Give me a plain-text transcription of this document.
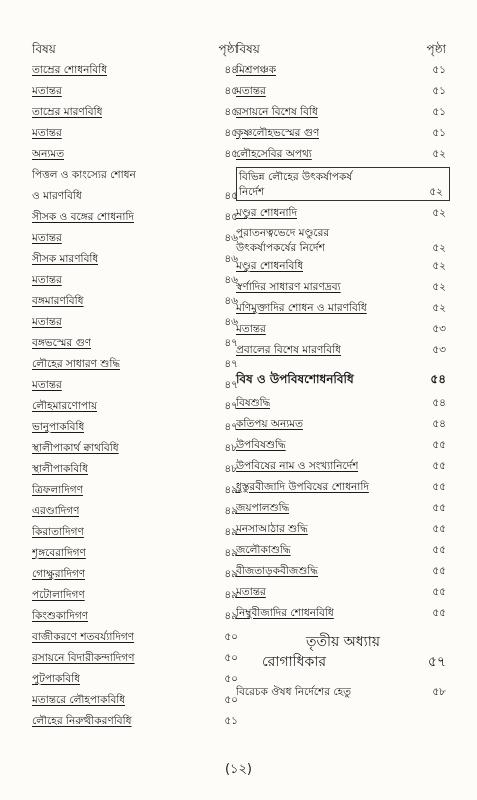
বিষয়	পৃষ্ঠা
তাম্রের শোধনবিধি	৪৪
মতান্তর	৪৫
তাম্রের মারণবিধি	৪৫
মতান্তর	৪৫
অন্যমত	৪৫
পিত্তল ও কাংস্যের শোধন
ও মারণবিধি	৪৫
সীসক ও বঙ্গের শোধনাদি	৪৫
মতান্তর	৪৬
সীসক মারণবিধি	৪৬
মতান্তর	৪৬
বঙ্গমারণবিধি	৪৬
মতান্তর	৪৬
বঙ্গভস্মের গুণ	৪৭
লৌহের সাধারণ শুদ্ধি	৪৭
মতান্তর	৪৭
লৌহমারণোপায়	৪৭
ভানুপাকবিধি	৪৭
স্থালীপাকার্থ ক্বাথবিধি	৪৮
স্থালীপাকবিধি	৪৮
ত্রিফলাদিগণ	৪৯
এরণ্ডাদিগণ	৪৯
কিরাতাদিগণ	৪৯
শৃঙ্গবেরাদিগণ	৪৯
গোক্ষুরাদিগণ	৪৯
পটোলাদিগণ	৪৯
কিংশুকাদিগণ	৪৯
বাজীকরণে শতবর্য্যাদিগণ	৫০
রসায়নে বিদারীকন্দাদিগণ	৫০
পুটপাকবিধি	৫০
মতান্তরে লৌহপাকবিধি	৫০
লৌহের নিরুত্থীকরণবিধি	৫১
বিষয়	পৃষ্ঠা
মিশ্রপঞ্চক	৫১
মতান্তর	৫১
রসায়নে বিশেষ বিধি	৫১
কৃষ্ণলৌহভস্মের গুণ	৫১
লৌহসেবির অপথ্য	৫২
বিভিন্ন লৌহের উৎকর্ষাপকর্ষ
নির্দেশ	৫২
মণ্ডুর শোধনাদি	৫২
পুরাতনত্বভেদে মণ্ডুরের
উৎকর্ষাপকর্ষের নির্দেশ	৫২
মণ্ডুর শোধনবিধি	৫২
স্বর্ণাদির সাধারণ মারণদ্রব্য	৫২
মণিমুক্তাদির শোধন ও মারণবিধি	৫২
মতান্তর	৫৩
প্রবালের বিশেষ মারণবিধি	৫৩
বিষ ও উপবিষশোধনবিধি	৫৪
বিষশুদ্ধি	৫৪
কতিপয় অন্যমত	৫৪
উপবিষশুদ্ধি	৫৫
উপবিষের নাম ও সংখ্যানির্দেশ	৫৫
ধুস্তুরবীজাদি উপবিষের শোধনাদি	৫৫
জয়পালশুদ্ধি	৫৫
মনসাআঠার শুদ্ধি	৫৫
জলৌকাশুদ্ধি	৫৫
বীজতাড়কবীজশুদ্ধি	৫৫
মতান্তর	৫৫
নিম্বুবীজাদির শোধনবিধি	৫৫
তৃতীয় অধ্যায়
রোগাধিকার	৫৭
বিরেচক ঔষধ নির্দেশের হেতু	৫৮
(১২)
